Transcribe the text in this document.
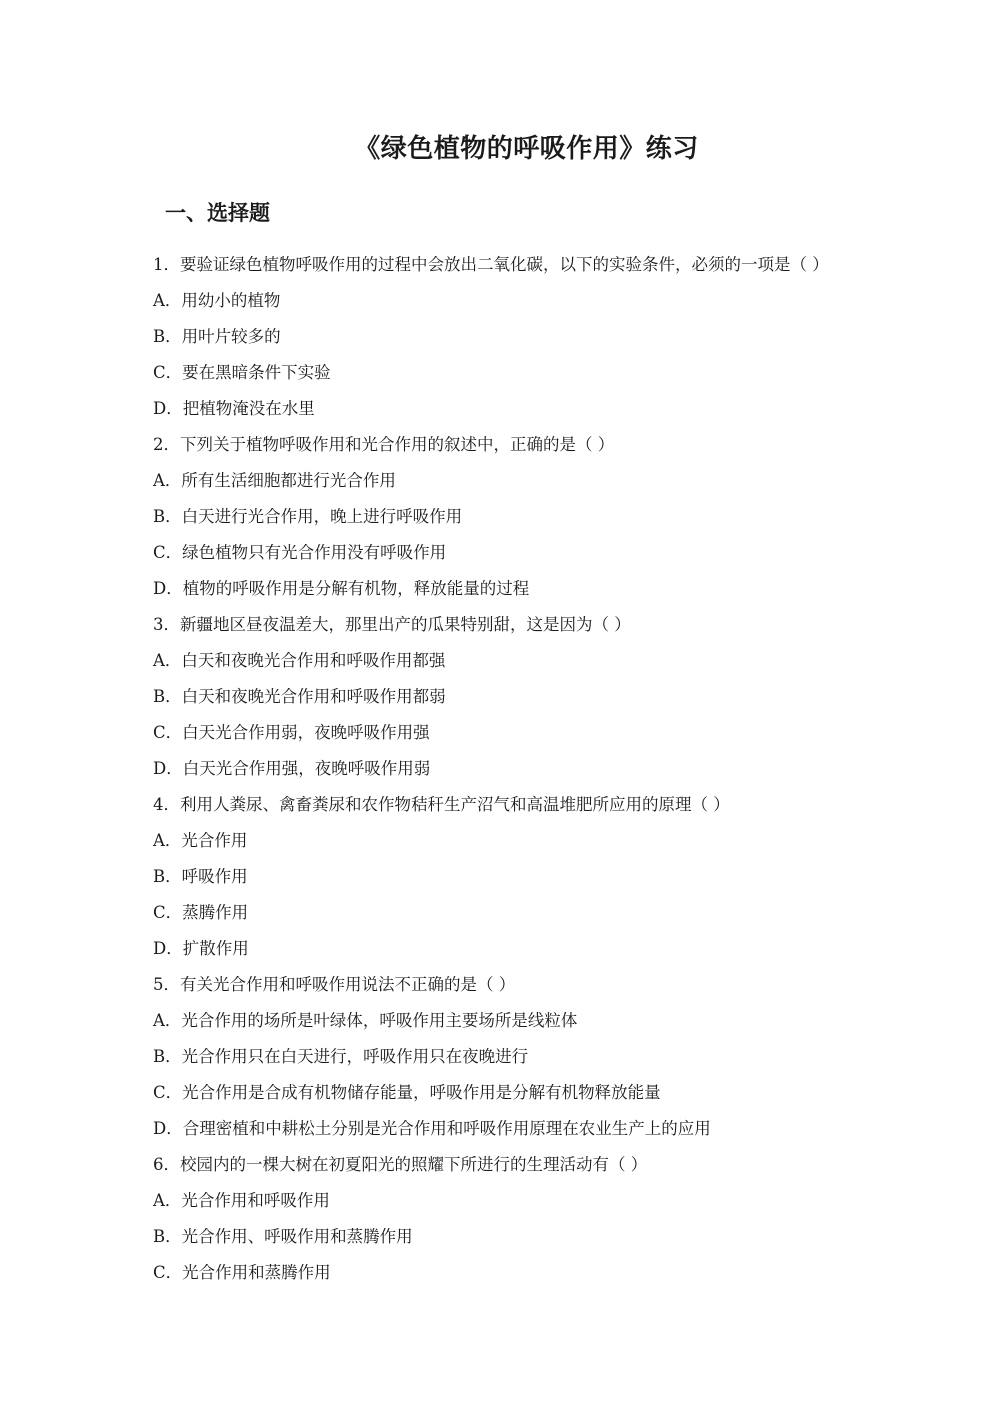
《绿色植物的呼吸作用》练习
一、选择题
1．要验证绿色植物呼吸作用的过程中会放出二氧化碳，以下的实验条件，必须的一项是（ ）
A．用幼小的植物
B．用叶片较多的
C．要在黑暗条件下实验
D．把植物淹没在水里
2．下列关于植物呼吸作用和光合作用的叙述中，正确的是（ ）
A．所有生活细胞都进行光合作用
B．白天进行光合作用，晚上进行呼吸作用
C．绿色植物只有光合作用没有呼吸作用
D．植物的呼吸作用是分解有机物，释放能量的过程
3．新疆地区昼夜温差大，那里出产的瓜果特别甜，这是因为（ ）
A．白天和夜晚光合作用和呼吸作用都强
B．白天和夜晚光合作用和呼吸作用都弱
C．白天光合作用弱，夜晚呼吸作用强
D．白天光合作用强，夜晚呼吸作用弱
4．利用人粪尿、禽畜粪尿和农作物秸秆生产沼气和高温堆肥所应用的原理（ ）
A．光合作用
B．呼吸作用
C．蒸腾作用
D．扩散作用
5．有关光合作用和呼吸作用说法不正确的是（ ）
A．光合作用的场所是叶绿体，呼吸作用主要场所是线粒体
B．光合作用只在白天进行，呼吸作用只在夜晚进行
C．光合作用是合成有机物储存能量，呼吸作用是分解有机物释放能量
D．合理密植和中耕松土分别是光合作用和呼吸作用原理在农业生产上的应用
6．校园内的一棵大树在初夏阳光的照耀下所进行的生理活动有（ ）
A．光合作用和呼吸作用
B．光合作用、呼吸作用和蒸腾作用
C．光合作用和蒸腾作用
